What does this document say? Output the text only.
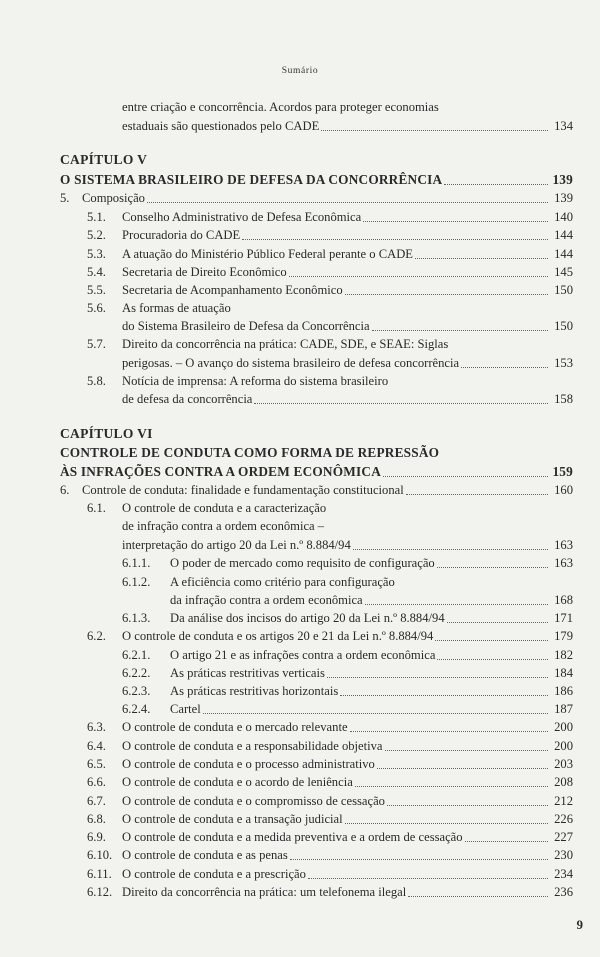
Sumário
entre criação e concorrência. Acordos para proteger economias
estaduais são questionados pelo CADE	134
CAPÍTULO V
O SISTEMA BRASILEIRO DE DEFESA DA CONCORRÊNCIA	139
5. Composição	139
5.1. Conselho Administrativo de Defesa Econômica	140
5.2. Procuradoria do CADE	144
5.3. A atuação do Ministério Público Federal perante o CADE	144
5.4. Secretaria de Direito Econômico	145
5.5. Secretaria de Acompanhamento Econômico	150
5.6. As formas de atuação
do Sistema Brasileiro de Defesa da Concorrência	150
5.7. Direito da concorrência na prática: CADE, SDE, e SEAE: Siglas
perigosas. – O avanço do sistema brasileiro de defesa concorrência	153
5.8. Notícia de imprensa: A reforma do sistema brasileiro
de defesa da concorrência	158
CAPÍTULO VI
CONTROLE DE CONDUTA COMO FORMA DE REPRESSÃO
ÀS INFRAÇÕES CONTRA A ORDEM ECONÔMICA	159
6. Controle de conduta: finalidade e fundamentação constitucional	160
6.1. O controle de conduta e a caracterização
de infração contra a ordem econômica –
interpretação do artigo 20 da Lei n.º 8.884/94	163
6.1.1. O poder de mercado como requisito de configuração	163
6.1.2. A eficiência como critério para configuração
da infração contra a ordem econômica	168
6.1.3. Da análise dos incisos do artigo 20 da Lei n.º 8.884/94	171
6.2. O controle de conduta e os artigos 20 e 21 da Lei n.º 8.884/94	179
6.2.1. O artigo 21 e as infrações contra a ordem econômica	182
6.2.2. As práticas restritivas verticais	184
6.2.3. As práticas restritivas horizontais	186
6.2.4. Cartel	187
6.3. O controle de conduta e o mercado relevante	200
6.4. O controle de conduta e a responsabilidade objetiva	200
6.5. O controle de conduta e o processo administrativo	203
6.6. O controle de conduta e o acordo de leniência	208
6.7. O controle de conduta e o compromisso de cessação	212
6.8. O controle de conduta e a transação judicial	226
6.9. O controle de conduta e a medida preventiva e a ordem de cessação	227
6.10. O controle de conduta e as penas	230
6.11. O controle de conduta e a prescrição	234
6.12. Direito da concorrência na prática: um telefonema ilegal	236
9
